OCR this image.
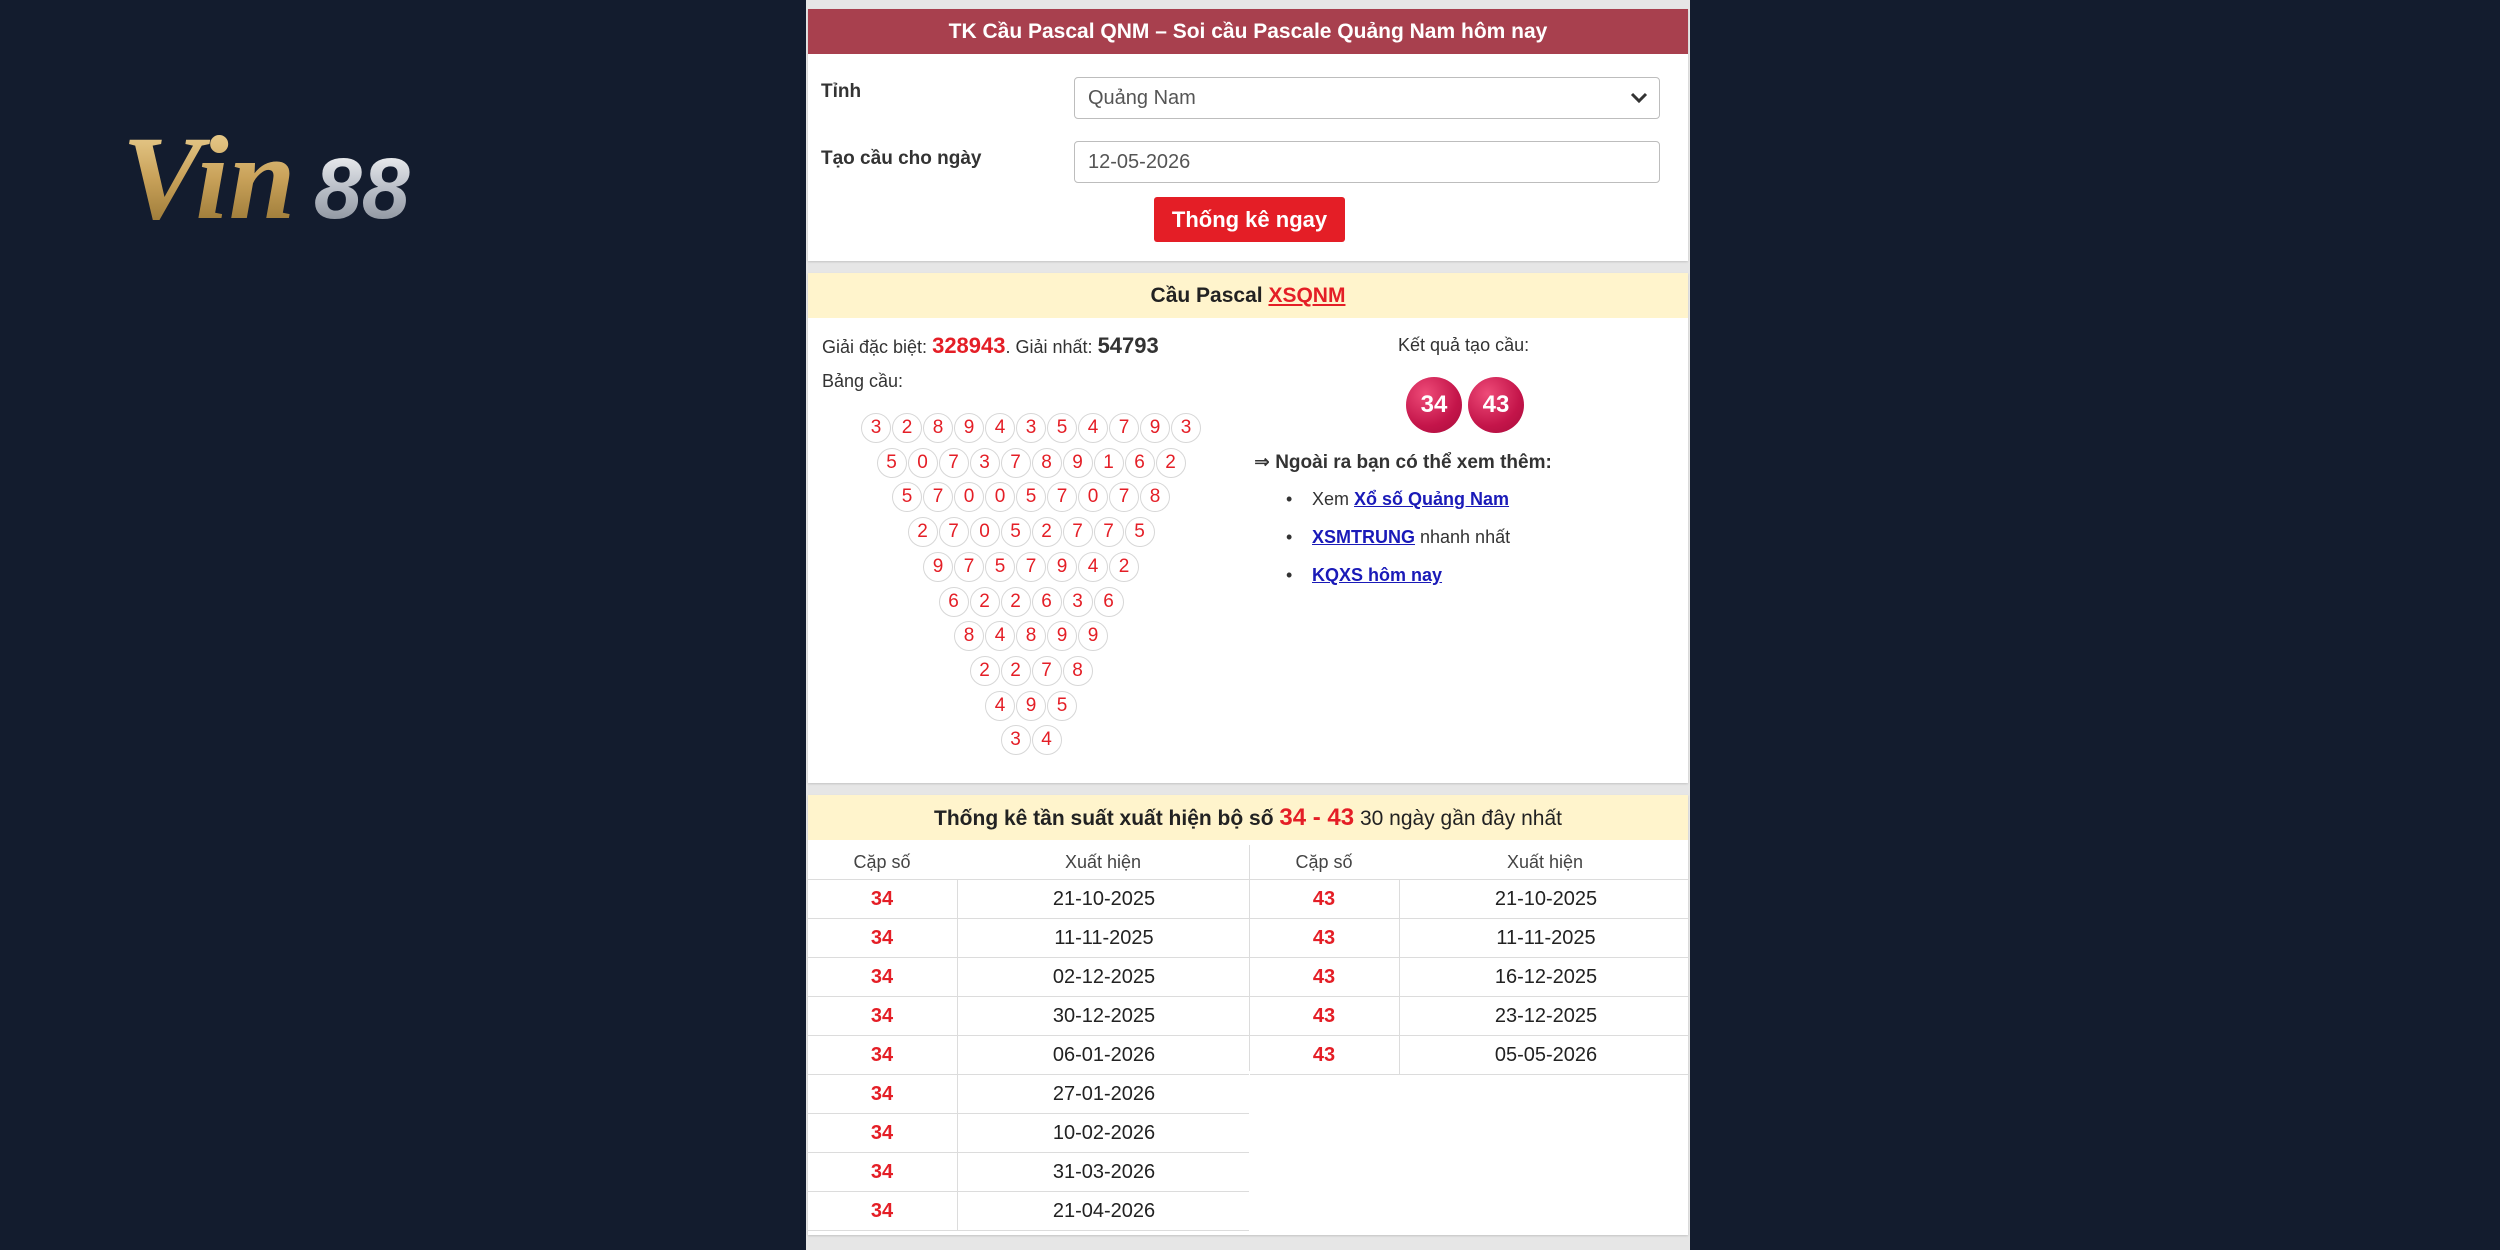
Vin 88
TK Cầu Pascal QNM – Soi cầu Pascale Quảng Nam hôm nay
Tỉnh	Quảng Nam
Tạo cầu cho ngày	12-05-2026
Thống kê ngay
Cầu Pascal XSQNM
Giải đặc biệt: 328943. Giải nhất: 54793
Bảng cầu:
3	2	8	9	4	3	5	4	7	9	3
5	0	7	3	7	8	9	1	6	2
5	7	0	0	5	7	0	7	8
2	7	0	5	2	7	7	5
9	7	5	7	9	4	2
6	2	2	6	3	6
8	4	8	9	9
2	2	7	8
4	9	5
3	4
Kết quả tạo cầu:
34	43
⇒ Ngoài ra bạn có thể xem thêm:
• Xem Xổ số Quảng Nam
• XSMTRUNG nhanh nhất
• KQXS hôm nay
Thống kê tần suất xuất hiện bộ số 34 - 43 30 ngày gần đây nhất
Cặp số	Xuất hiện
34	21-10-2025
34	11-11-2025
34	02-12-2025
34	30-12-2025
34	06-01-2026
34	27-01-2026
34	10-02-2026
34	31-03-2026
34	21-04-2026
Cặp số	Xuất hiện
43	21-10-2025
43	11-11-2025
43	16-12-2025
43	23-12-2025
43	05-05-2026
